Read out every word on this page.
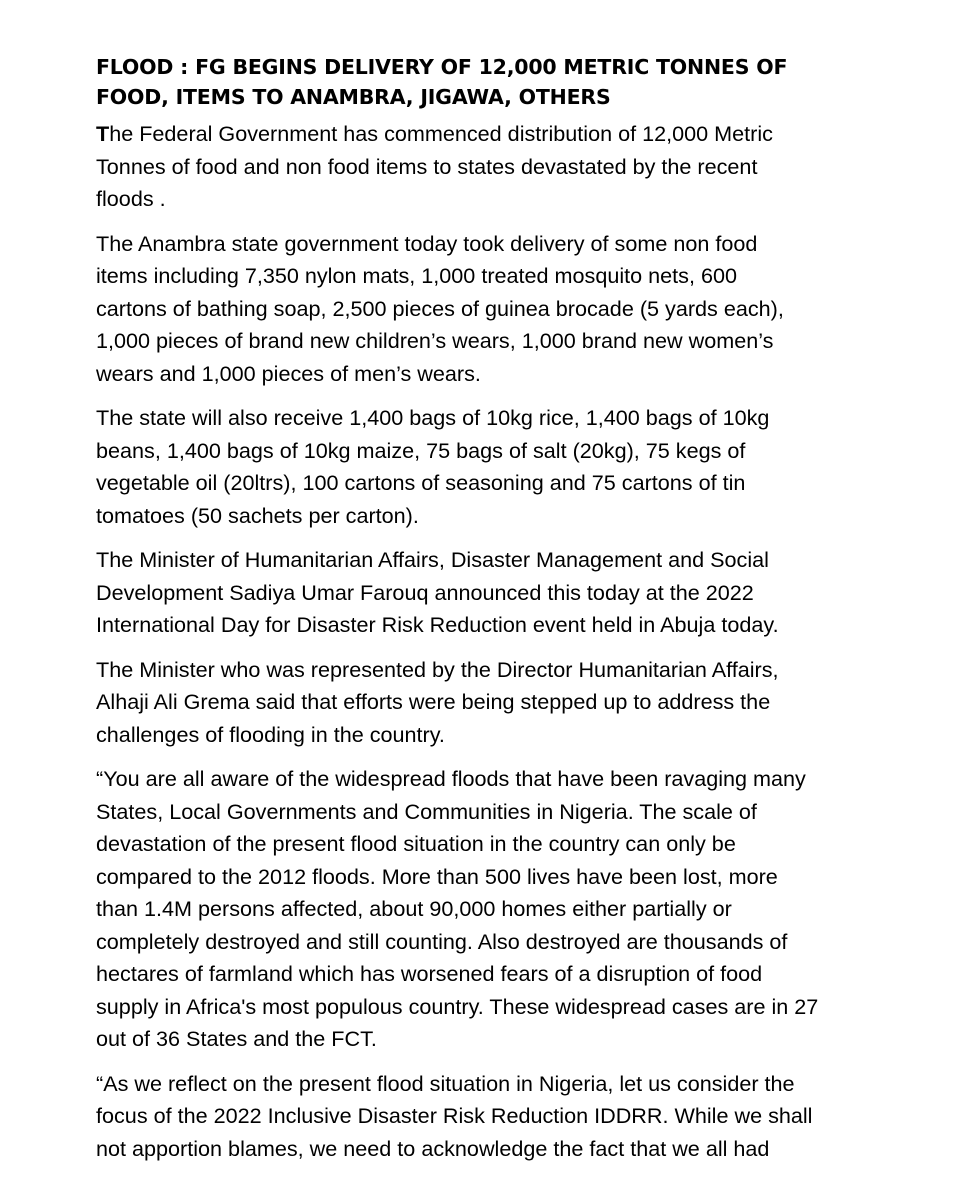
FLOOD : FG BEGINS DELIVERY OF 12,000 METRIC TONNES OF
FOOD, ITEMS TO ANAMBRA, JIGAWA, OTHERS

The Federal Government has commenced distribution of 12,000 Metric
Tonnes of food and non food items to states devastated by the recent
floods .

The Anambra state government today took delivery of some non food
items including 7,350 nylon mats, 1,000 treated mosquito nets, 600
cartons of bathing soap, 2,500 pieces of guinea brocade (5 yards each),
1,000 pieces of brand new children’s wears, 1,000 brand new women’s
wears and 1,000 pieces of men’s wears.

The state will also receive 1,400 bags of 10kg rice, 1,400 bags of 10kg
beans, 1,400 bags of 10kg maize, 75 bags of salt (20kg), 75 kegs of
vegetable oil (20ltrs), 100 cartons of seasoning and 75 cartons of tin
tomatoes (50 sachets per carton).

The Minister of Humanitarian Affairs, Disaster Management and Social
Development Sadiya Umar Farouq announced this today at the 2022
International Day for Disaster Risk Reduction event held in Abuja today.

The Minister who was represented by the Director Humanitarian Affairs,
Alhaji Ali Grema said that efforts were being stepped up to address the
challenges of flooding in the country.

“You are all aware of the widespread floods that have been ravaging many
States, Local Governments and Communities in Nigeria. The scale of
devastation of the present flood situation in the country can only be
compared to the 2012 floods. More than 500 lives have been lost, more
than 1.4M persons affected, about 90,000 homes either partially or
completely destroyed and still counting. Also destroyed are thousands of
hectares of farmland which has worsened fears of a disruption of food
supply in Africa's most populous country. These widespread cases are in 27
out of 36 States and the FCT.

“As we reflect on the present flood situation in Nigeria, let us consider the
focus of the 2022 Inclusive Disaster Risk Reduction IDDRR. While we shall
not apportion blames, we need to acknowledge the fact that we all had
